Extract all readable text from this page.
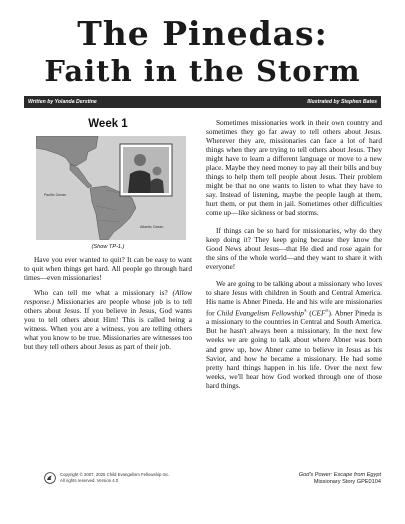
The Pinedas:
Faith in the Storm
Written by Yolanda Derstine	Illustrated by Stephen Bates
Week 1
Pacific Ocean
Atlantic Ocean
(Show TP-1.)

Have you ever wanted to quit? It can be easy to want to quit when things get hard. All people go through hard times—even missionaries!

Who can tell me what a missionary is? (Allow response.) Missionaries are people whose job is to tell others about Jesus. If you believe in Jesus, God wants you to tell others about Him! This is called being a witness. When you are a witness, you are telling others what you know to be true. Missionaries are witnesses too but they tell others about Jesus as part of their job.

Sometimes missionaries work in their own country and sometimes they go far away to tell others about Jesus. Wherever they are, missionaries can face a lot of hard things when they are trying to tell others about Jesus. They might have to learn a different language or move to a new place. Maybe they need money to pay all their bills and buy things to help them tell people about Jesus. Their problem might be that no one wants to listen to what they have to say. Instead of listening, maybe the people laugh at them, hurt them, or put them in jail. Sometimes other difficulties come up—like sickness or bad storms.

If things can be so hard for missionaries, why do they keep doing it? They keep going because they know the Good News about Jesus—that He died and rose again for the sins of the whole world—and they want to share it with everyone!

We are going to be talking about a missionary who loves to share Jesus with children in South and Central America. His name is Abner Pineda. He and his wife are missionaries for Child Evangelism Fellowship® (CEF®). Abner Pineda is a missionary to the countries in Central and South America. But he hasn't always been a missionary. In the next few weeks we are going to talk about where Abner was born and grew up, how Abner came to believe in Jesus as his Savior, and how he became a missionary. He had some pretty hard things happen in his life. Over the next few weeks, we'll hear how God worked through one of those hard things.

Copyright © 2007, 2025 Child Evangelism Fellowship Inc.
All rights reserved. Version 4.0
God's Power: Escape from Egypt
Missionary Story GPE0104
